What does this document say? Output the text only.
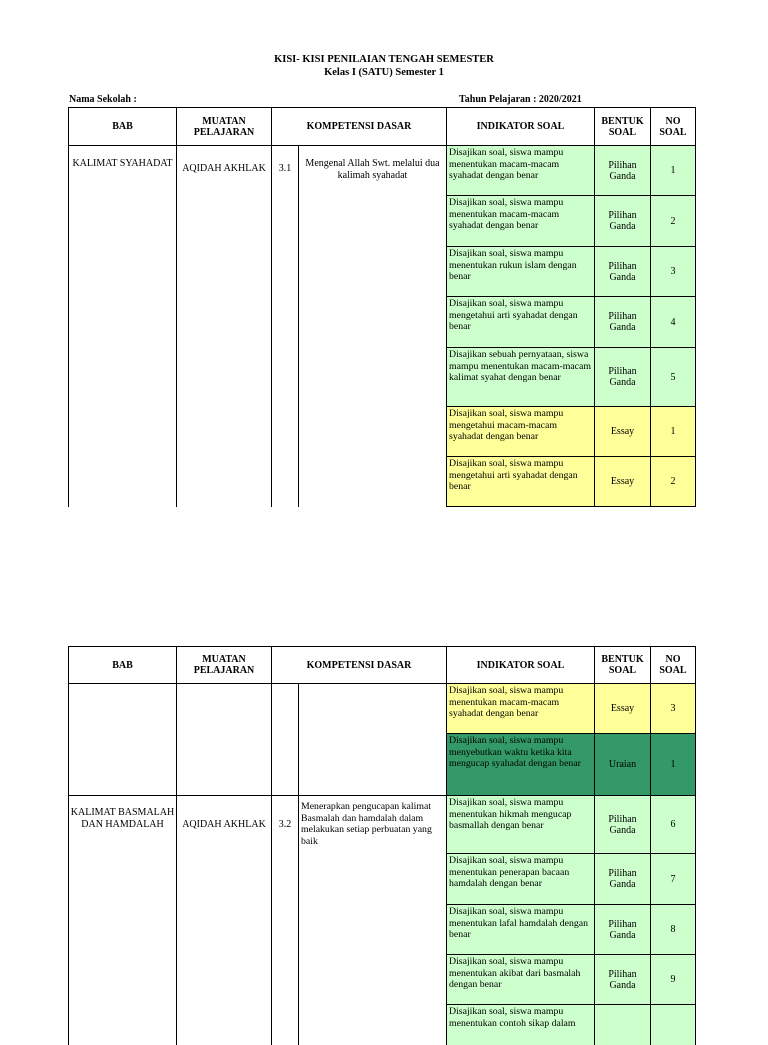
KISI- KISI PENILAIAN TENGAH SEMESTER
Kelas I (SATU) Semester 1
Nama Sekolah :	Tahun Pelajaran : 2020/2021
BAB	MUATAN PELAJARAN	KOMPETENSI DASAR		INDIKATOR SOAL	BENTUK SOAL	NO SOAL
KALIMAT SYAHADAT	AQIDAH AKHLAK	3.1	Mengenal Allah Swt. melalui dua kalimah syahadat	Disajikan soal, siswa mampu menentukan macam-macam syahadat dengan benar	Pilihan Ganda	1
				Disajikan soal, siswa mampu menentukan macam-macam syahadat dengan benar	Pilihan Ganda	2
				Disajikan soal, siswa mampu menentukan rukun islam dengan benar	Pilihan Ganda	3
				Disajikan soal, siswa mampu mengetahui arti syahadat dengan benar	Pilihan Ganda	4
				Disajikan sebuah pernyataan, siswa mampu menentukan macam-macam kalimat syahat dengan benar	Pilihan Ganda	5
				Disajikan soal, siswa mampu mengetahui macam-macam syahadat dengan benar	Essay	1
				Disajikan soal, siswa mampu mengetahui arti syahadat dengan benar	Essay	2
BAB	MUATAN PELAJARAN	KOMPETENSI DASAR		INDIKATOR SOAL	BENTUK SOAL	NO SOAL
				Disajikan soal, siswa mampu menentukan macam-macam syahadat dengan benar	Essay	3
				Disajikan soal, siswa mampu menyebutkan waktu ketika kita mengucap syahadat dengan benar	Uraian	1
KALIMAT BASMALAH DAN HAMDALAH	AQIDAH AKHLAK	3.2	Menerapkan pengucapan kalimat Basmalah dan hamdalah dalam melakukan setiap perbuatan yang baik	Disajikan soal, siswa mampu menentukan hikmah mengucap basmallah dengan benar	Pilihan Ganda	6
				Disajikan soal, siswa mampu menentukan penerapan bacaan hamdalah dengan benar	Pilihan Ganda	7
				Disajikan soal, siswa mampu menentukan lafal hamdalah dengan benar	Pilihan Ganda	8
				Disajikan soal, siswa mampu menentukan akibat dari basmalah dengan benar	Pilihan Ganda	9
				Disajikan soal, siswa mampu menentukan contoh sikap dalam		
